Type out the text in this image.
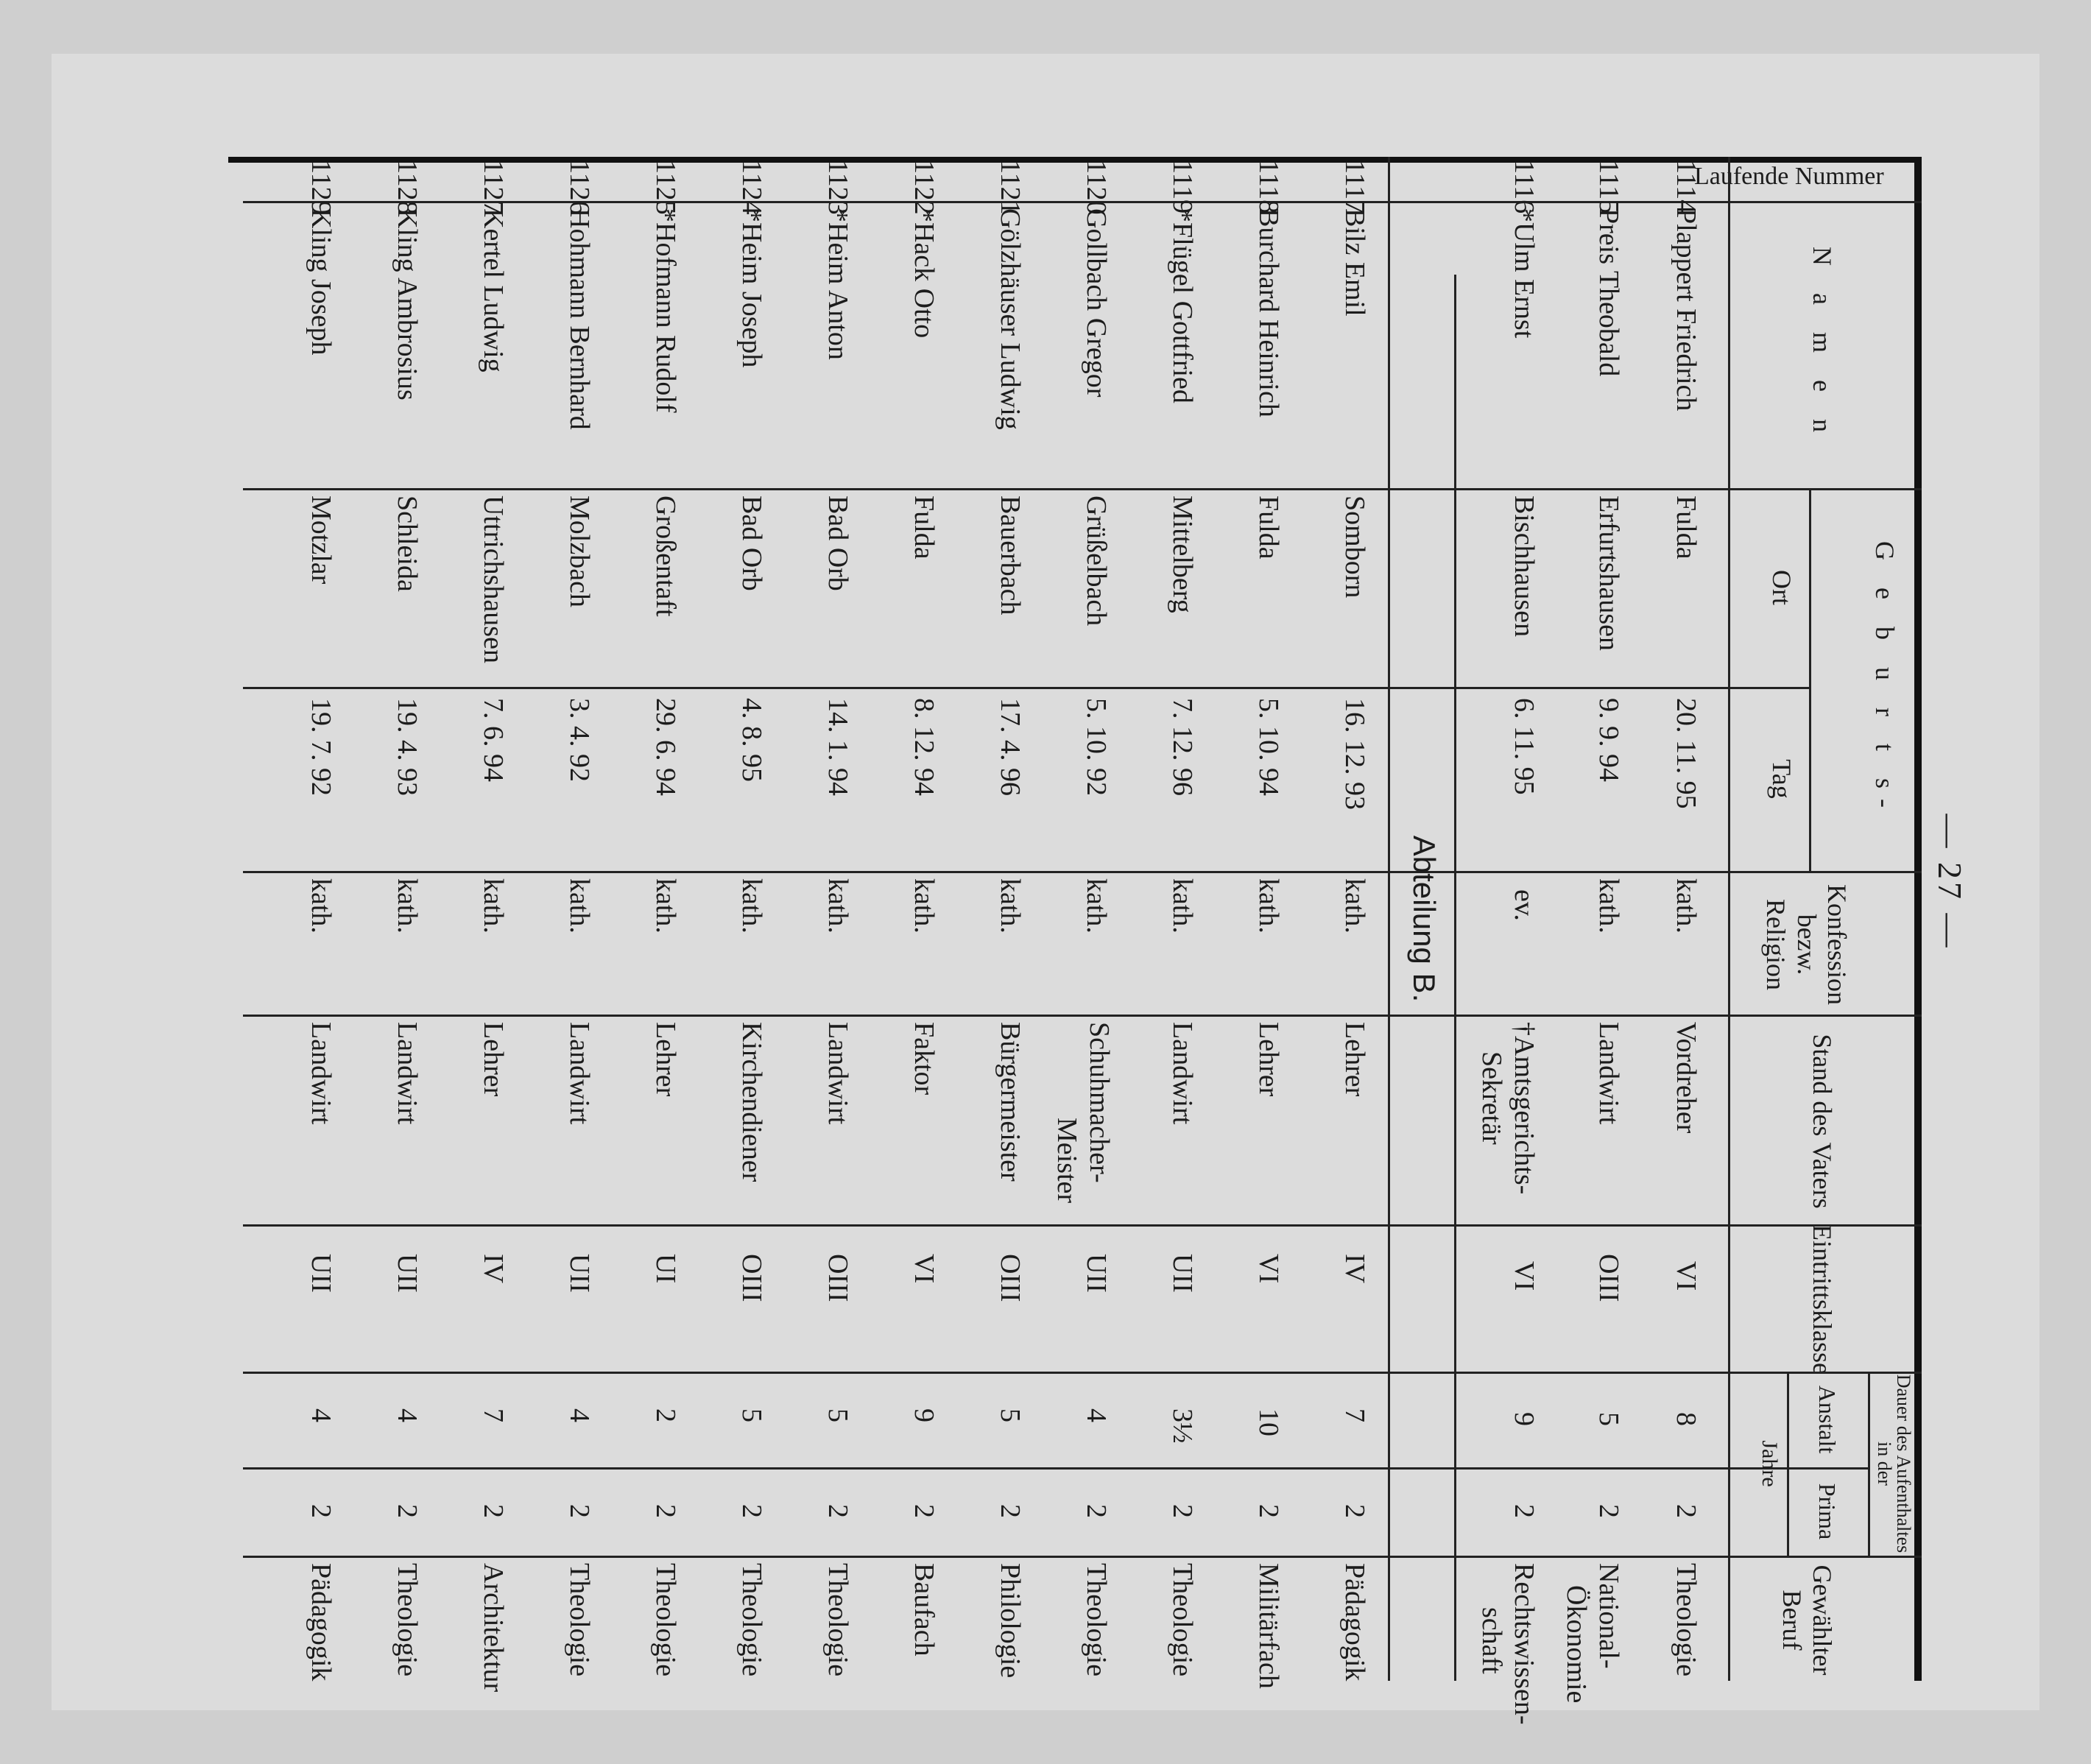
— 27 —
Laufende Nummer
N a m e n
G e b u r t s-
Ort
Tag
Konfession bezw. Religion
Stand des Vaters
Eintrittsklasse
Dauer des Aufenthaltes in der
Anstalt
Prima
Jahre
Gewählter Beruf
1114
Plappert Friedrich
Fulda
20. 11. 95
kath.
Vordreher
VI
8
2
Theologie
1115
Preis Theobald
Erfurtshausen
9. 9. 94
kath.
Landwirt
OIII
5
2
National-
Ökonomie
1116
*Ulm Ernst
Bischhausen
6. 11. 95
ev.
†Amtsgerichts-
Sekretär
VI
9
2
Rechtswissen-
schaft
Abteilung B.
1117
Bilz Emil
Somborn
16. 12. 93
kath.
Lehrer
IV
7
2
Pädagogik
1118
Burchard Heinrich
Fulda
5. 10. 94
kath.
Lehrer
VI
10
2
Militärfach
1119
*Flügel Gottfried
Mittelberg
7. 12. 96
kath.
Landwirt
UII
3½
2
Theologie
1120
Gollbach Gregor
Grüßelbach
5. 10. 92
kath.
Schuhmacher-
Meister
UII
4
2
Theologie
1121
Gölzhäuser Ludwig
Bauerbach
17. 4. 96
kath.
Bürgermeister
OIII
5
2
Philologie
1122
*Hack Otto
Fulda
8. 12. 94
kath.
Faktor
VI
9
2
Baufach
1123
*Heim Anton
Bad Orb
14. 1. 94
kath.
Landwirt
OIII
5
2
Theologie
1124
*Heim Joseph
Bad Orb
4. 8. 95
kath.
Kirchendiener
OIII
5
2
Theologie
1125
*Hofmann Rudolf
Großentaft
29. 6. 94
kath.
Lehrer
UI
2
2
Theologie
1126
Hohmann Bernhard
Molzbach
3. 4. 92
kath.
Landwirt
UII
4
2
Theologie
1127
Kertel Ludwig
Uttrichshausen
7. 6. 94
kath.
Lehrer
IV
7
2
Architektur
1128
Kling Ambrosius
Schleida
19. 4. 93
kath.
Landwirt
UII
4
2
Theologie
1129
Kling Joseph
Motzlar
19. 7. 92
kath.
Landwirt
UII
4
2
Pädagogik
